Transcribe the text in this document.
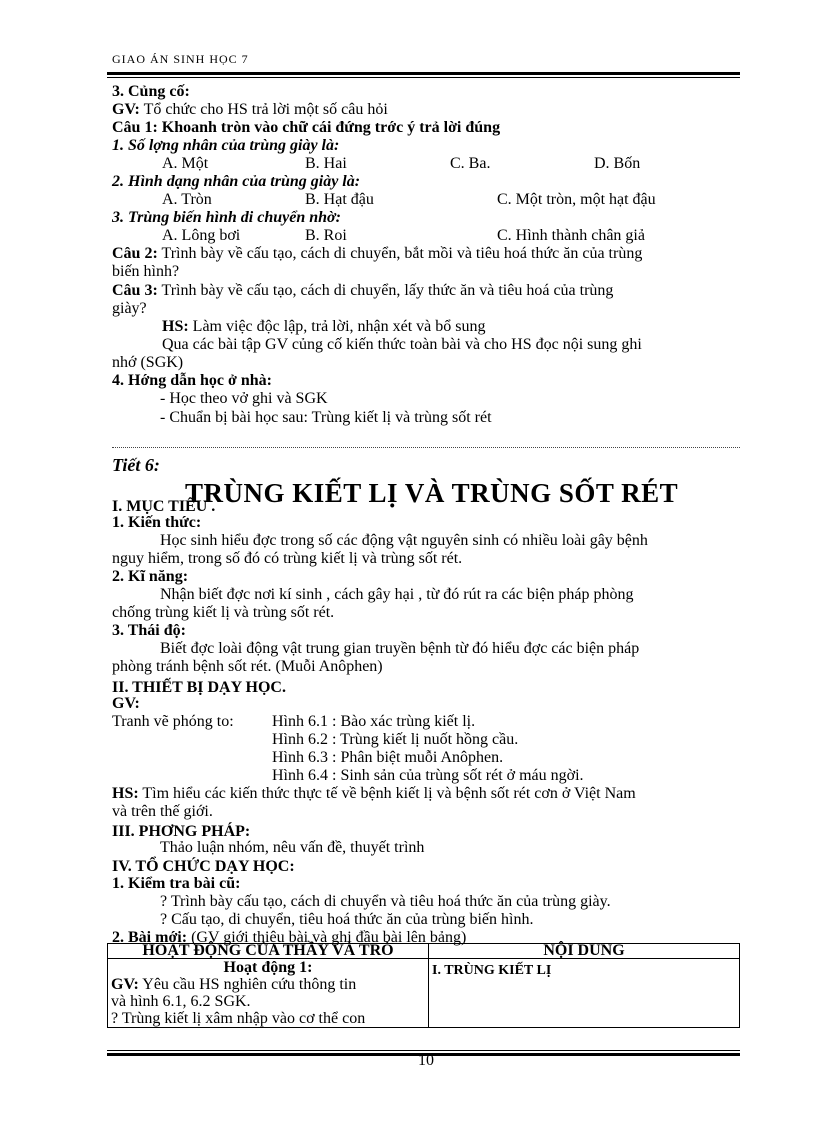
GIAO ÁN SINH HỌC 7
3. Củng cố:
GV: Tổ chức cho HS trả lời một số câu hỏi
Câu 1: Khoanh tròn vào chữ cái đứng trớc ý trả lời đúng
1. Số lợng nhân của trùng giày là:
A. Một	B. Hai	C. Ba.	D. Bốn
2. Hình dạng nhân của trùng giày là:
A. Tròn	B. Hạt đậu	C. Một tròn, một hạt đậu
3. Trùng biến hình di chuyển nhờ:
A. Lông bơi	B. Roi	C. Hình thành chân giả
Câu 2: Trình bày về cấu tạo, cách di chuyển, bắt mồi và tiêu hoá thức ăn của trùng
biến hình?
Câu 3: Trình bày về cấu tạo, cách di chuyển, lấy thức ăn và tiêu hoá của trùng
giày?
HS: Làm việc độc lập, trả lời, nhận xét và bổ sung
Qua các bài tập GV củng cố kiến thức toàn bài và cho HS đọc nội sung ghi
nhớ (SGK)
4. Hớng dẫn học ở nhà:
- Học theo vở ghi và SGK
- Chuẩn bị bài học sau: Trùng kiết lị và trùng sốt rét
Tiết 6:
TRÙNG KIẾT LỊ VÀ TRÙNG SỐT RÉT
I. MỤC TIÊU .
1. Kiến thức:
Học sinh hiểu đợc trong số các động vật nguyên sinh có nhiều loài gây bệnh
nguy hiểm, trong số đó có trùng kiết lị và trùng sốt rét.
2. Kĩ năng:
Nhận biết đợc nơi kí sinh , cách gây hại , từ đó rút ra các biện pháp phòng
chống trùng kiết lị và trùng sốt rét.
3. Thái độ:
Biết đợc loài động vật trung gian truyền bệnh từ đó hiểu đợc các biện pháp
phòng tránh bệnh sốt rét. (Muỗi Anôphen)
II. THIẾT BỊ DẠY HỌC.
GV:
Tranh vẽ phóng to: Hình 6.1 : Bào xác trùng kiết lị.
Hình 6.2 : Trùng kiết lị nuốt hồng cầu.
Hình 6.3 : Phân biệt muỗi Anôphen.
Hình 6.4 : Sinh sản của trùng sốt rét ở máu ngời.
HS: Tìm hiểu các kiến thức thực tế về bệnh kiết lị và bệnh sốt rét cơn ở Việt Nam
và trên thế giới.
III. PHƠNG PHÁP:
Thảo luận nhóm, nêu vấn đề, thuyết trình
IV. TỔ CHỨC DẠY HỌC:
1. Kiểm tra bài cũ:
? Trình bày cấu tạo, cách di chuyển và tiêu hoá thức ăn của trùng giày.
? Cấu tạo, di chuyển, tiêu hoá thức ăn của trùng biến hình.
2. Bài mới: (GV giới thiệu bài và ghi đầu bài lên bảng)
HOẠT ĐỘNG CỦA THẦY VÀ TRÒ	NỘI DUNG

Hoạt động 1:
GV: Yêu cầu HS nghiên cứu thông tin
và hình 6.1, 6.2 SGK.
? Trùng kiết lị xâm nhập vào cơ thể con	I. TRÙNG KIẾT LỊ
10
